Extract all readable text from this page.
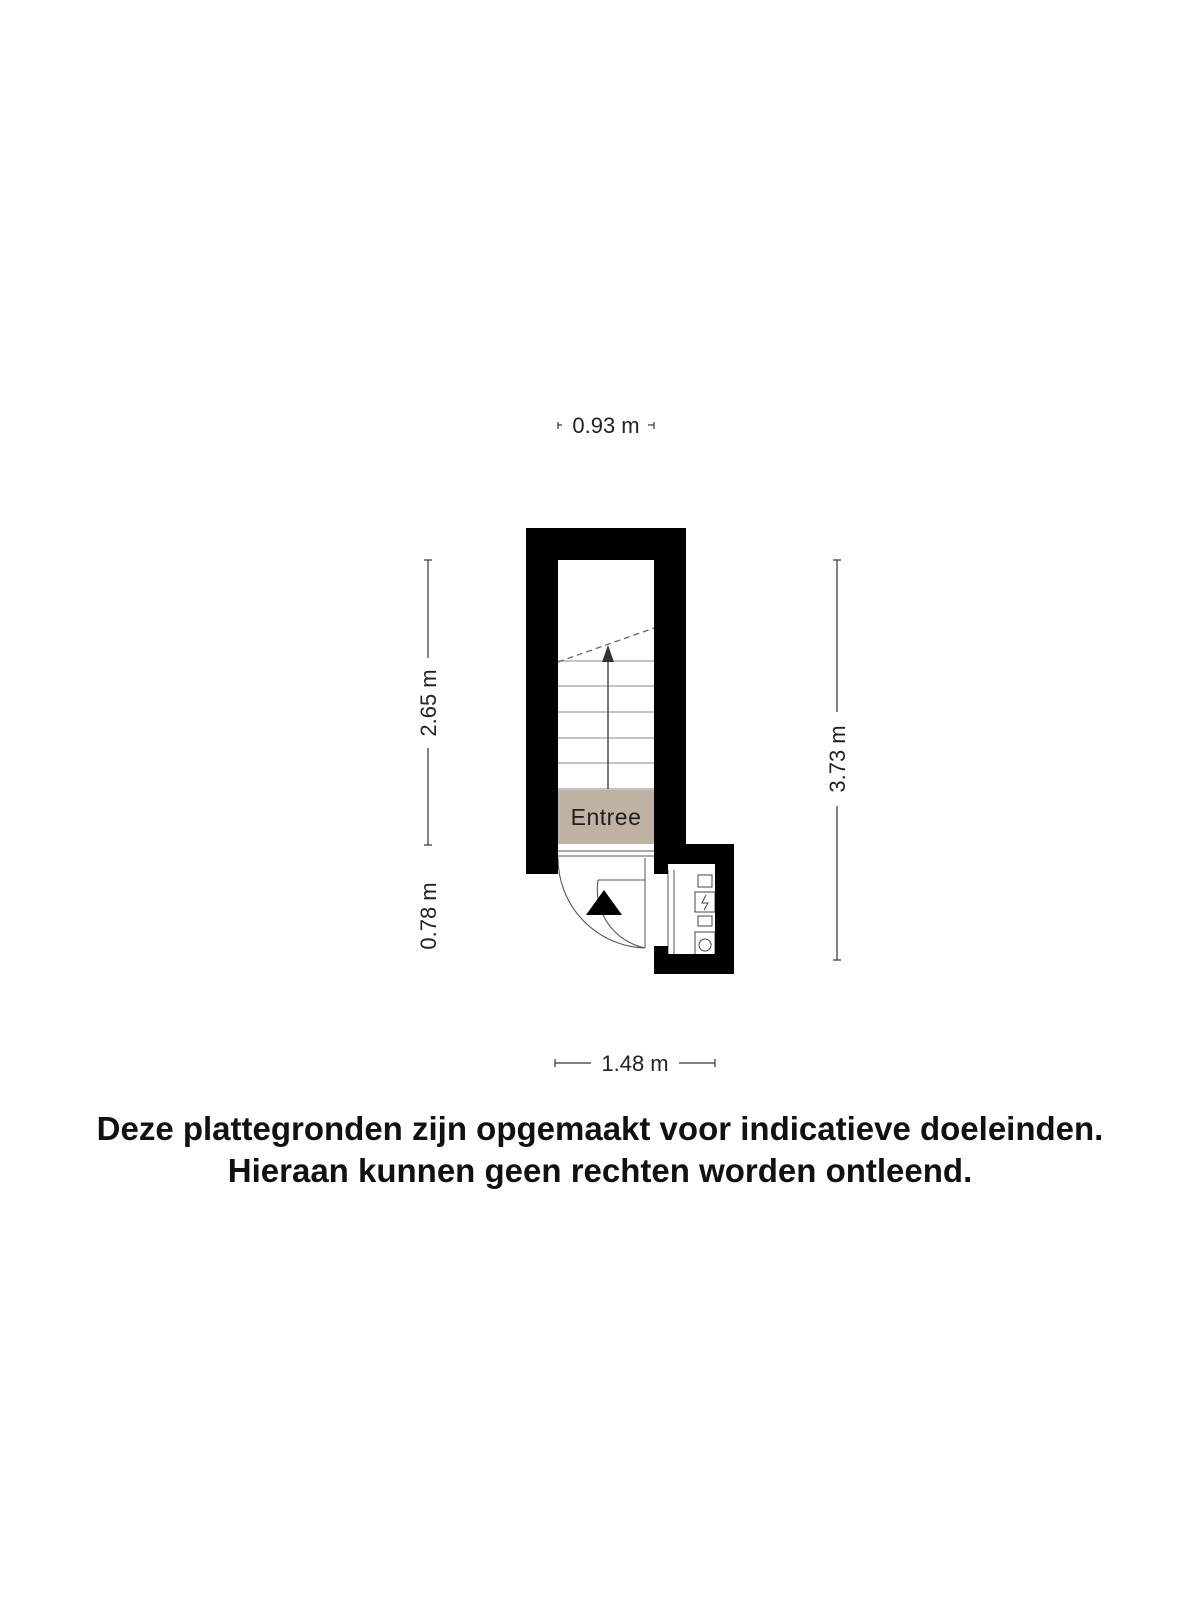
0.93 m
2.65 m
0.78 m
3.73 m
1.48 m
Entree
Deze plattegronden zijn opgemaakt voor indicatieve doeleinden.
Hieraan kunnen geen rechten worden ontleend.
